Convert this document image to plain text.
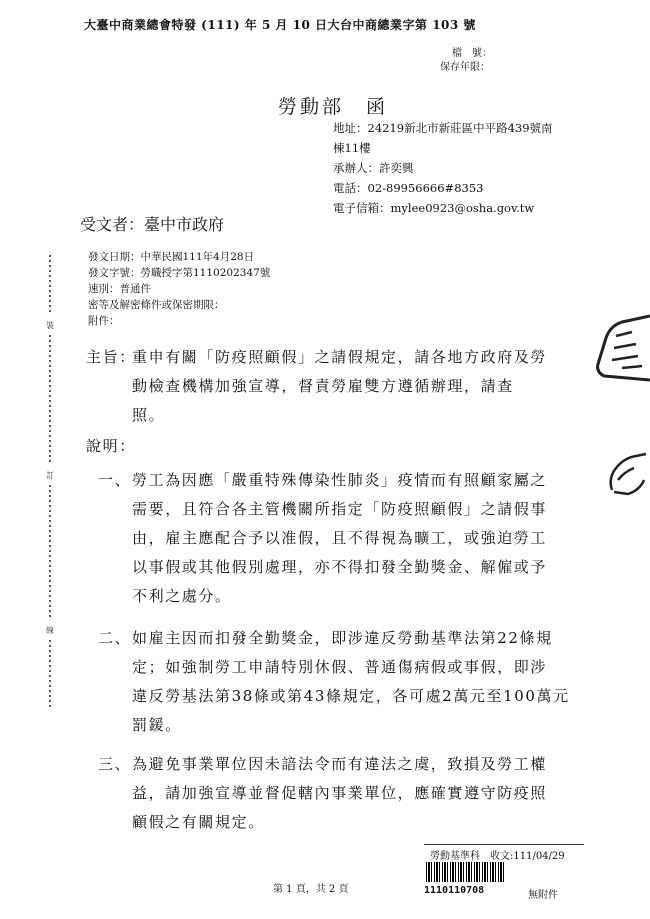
大臺中商業總會特發 (111) 年 5 月 10 日大台中商總業字第 103 號
檔　號：
保存年限：
勞動部　函
地址：24219新北市新莊區中平路439號南
棟11樓
承辦人：許奕興
電話：02-89956666#8353
電子信箱：mylee0923@osha.gov.tw
受文者：臺中市政府
發文日期：中華民國111年4月28日
發文字號：勞職授字第1110202347號
速別：普通件
密等及解密條件或保密期限：
附件：
主旨：
重申有關「防疫照顧假」之請假規定，請各地方政府及勞
動檢查機構加強宣導，督責勞雇雙方遵循辦理，請查
照。
說明：
一、 勞工為因應「嚴重特殊傳染性肺炎」疫情而有照顧家屬之
需要，且符合各主管機關所指定「防疫照顧假」之請假事
由，雇主應配合予以准假，且不得視為曠工，或強迫勞工
以事假或其他假別處理，亦不得扣發全勤獎金、解僱或予
不利之處分。
二、 如雇主因而扣發全勤獎金，即涉違反勞動基準法第22條規
定；如強制勞工申請特別休假、普通傷病假或事假，即涉
違反勞基法第38條或第43條規定，各可處2萬元至100萬元
罰鍰。
三、 為避免事業單位因未諳法令而有違法之虞，致損及勞工權
益，請加強宣導並督促轄內事業單位，應確實遵守防疫照
顧假之有關規定。
裝
訂
線
第 1 頁，共 2 頁
勞動基準科　收文:111/04/29
1110110708	無附件
